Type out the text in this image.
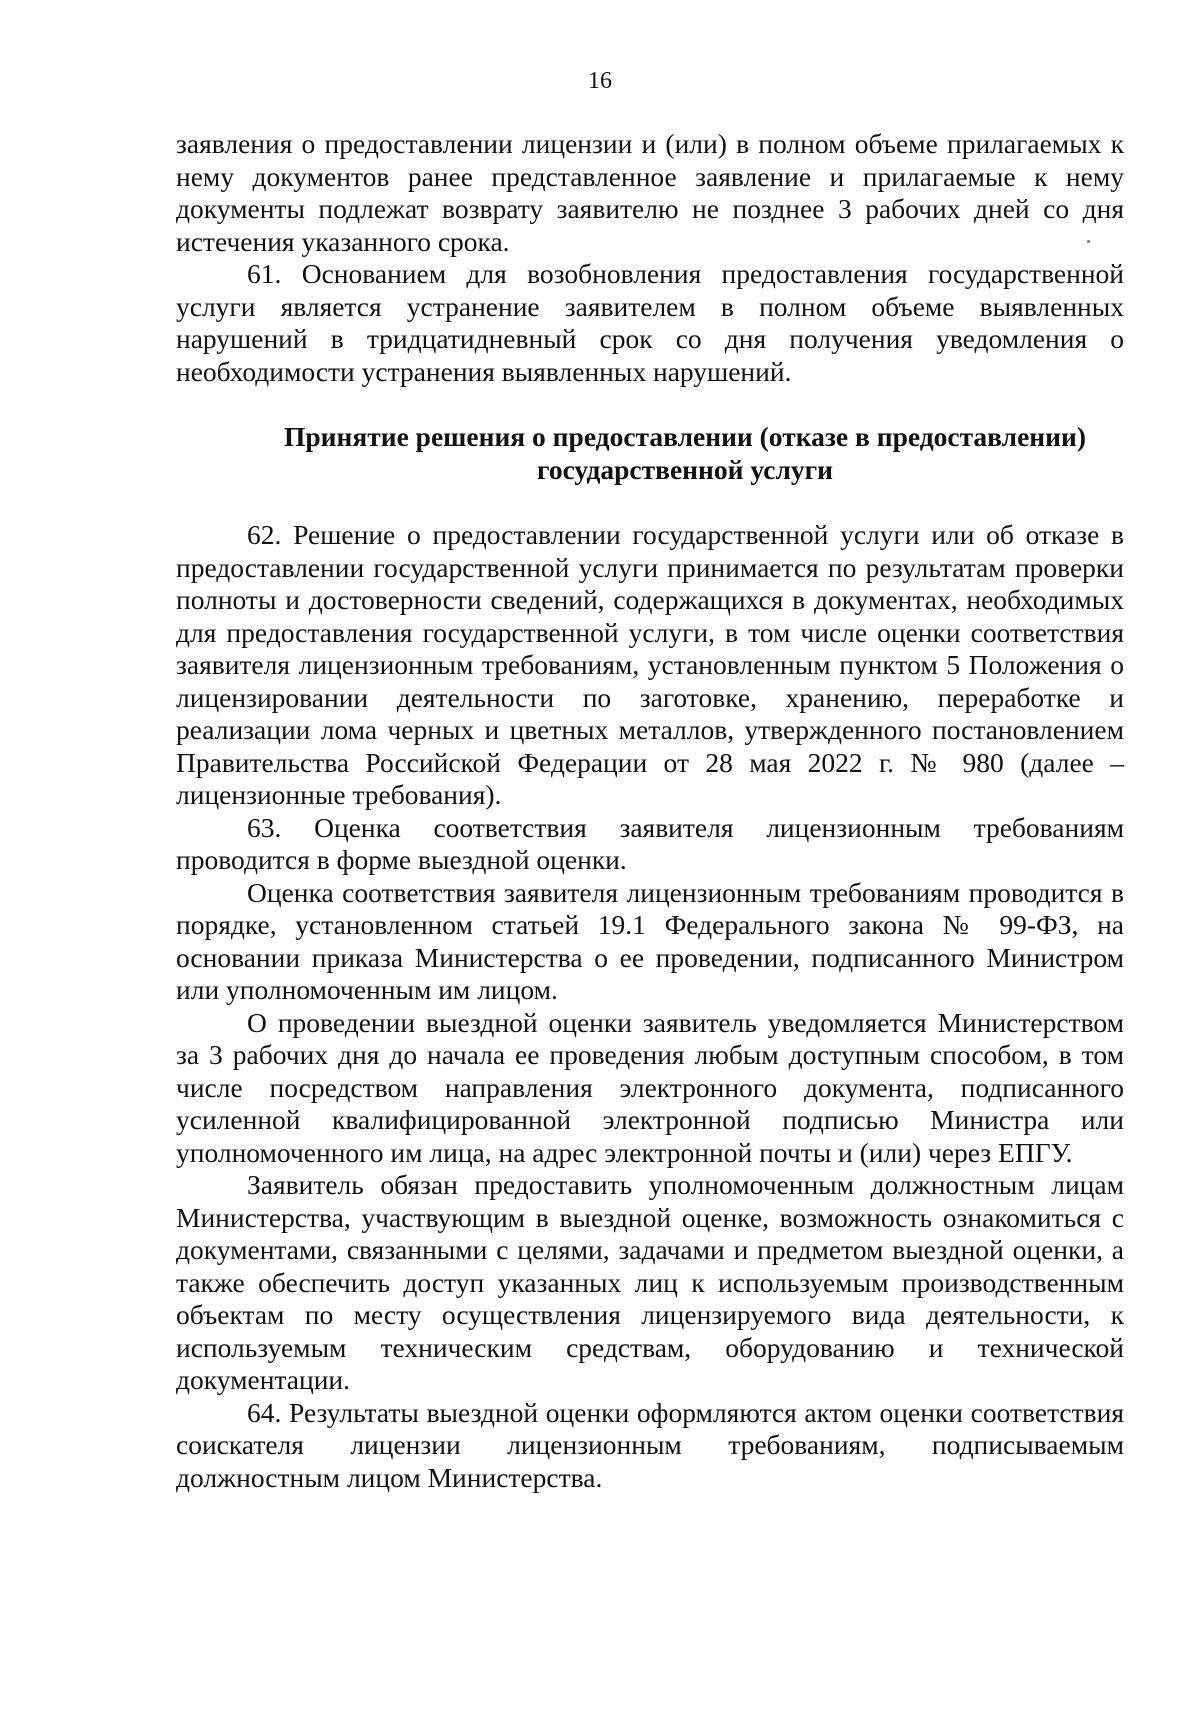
16

заявления о предоставлении лицензии и (или) в полном объеме прилагаемых к нему документов ранее представленное заявление и прилагаемые к нему документы подлежат возврату заявителю не позднее 3 рабочих дней со дня истечения указанного срока.

61. Основанием для возобновления предоставления государственной услуги является устранение заявителем в полном объеме выявленных нарушений в тридцатидневный срок со дня получения уведомления о необходимости устранения выявленных нарушений.

Принятие решения о предоставлении (отказе в предоставлении)

государственной услуги

62. Решение о предоставлении государственной услуги или об отказе в предоставлении государственной услуги принимается по результатам проверки полноты и достоверности сведений, содержащихся в документах, необходимых для предоставления государственной услуги, в том числе оценки соответствия заявителя лицензионным требованиям, установленным пунктом 5 Положения о лицензировании деятельности по заготовке, хранению, переработке и реализации лома черных и цветных металлов, утвержденного постановлением Правительства Российской Федерации от 28 мая 2022 г. № 980 (далее – лицензионные требования).

63. Оценка соответствия заявителя лицензионным требованиям проводится в форме выездной оценки.

Оценка соответствия заявителя лицензионным требованиям проводится в порядке, установленном статьей 19.1 Федерального закона № 99-ФЗ, на основании приказа Министерства о ее проведении, подписанного Министром или уполномоченным им лицом.

О проведении выездной оценки заявитель уведомляется Министерством за 3 рабочих дня до начала ее проведения любым доступным способом, в том числе посредством направления электронного документа, подписанного усиленной квалифицированной электронной подписью Министра или уполномоченного им лица, на адрес электронной почты и (или) через ЕПГУ.

Заявитель обязан предоставить уполномоченным должностным лицам Министерства, участвующим в выездной оценке, возможность ознакомиться с документами, связанными с целями, задачами и предметом выездной оценки, а также обеспечить доступ указанных лиц к используемым производственным объектам по месту осуществления лицензируемого вида деятельности, к используемым техническим средствам, оборудованию и технической документации.

64. Результаты выездной оценки оформляются актом оценки соответствия соискателя лицензии лицензионным требованиям, подписываемым должностным лицом Министерства.
